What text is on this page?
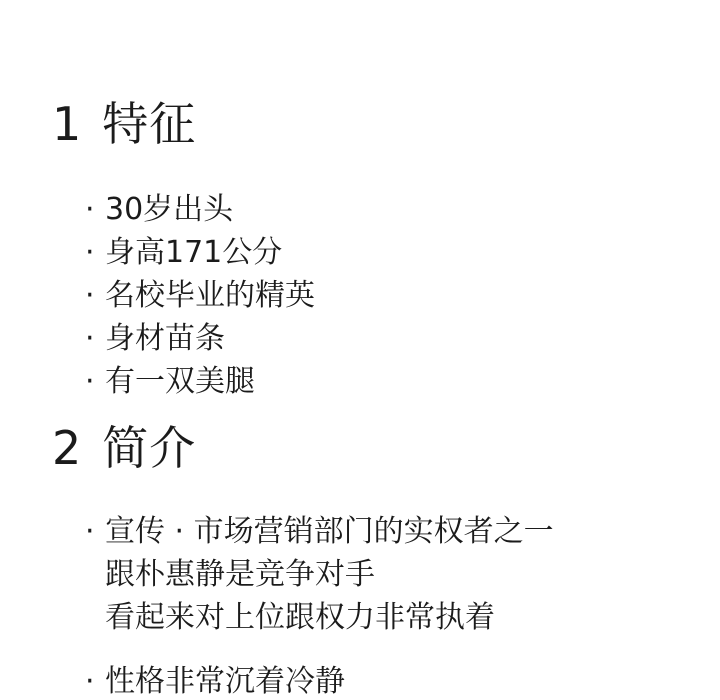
1 特征
· 30岁出头
· 身高171公分
· 名校毕业的精英
· 身材苗条
· 有一双美腿
2 简介
· 宣传 · 市场营销部门的实权者之一
跟朴惠静是竞争对手
看起来对上位跟权力非常执着
· 性格非常沉着冷静
